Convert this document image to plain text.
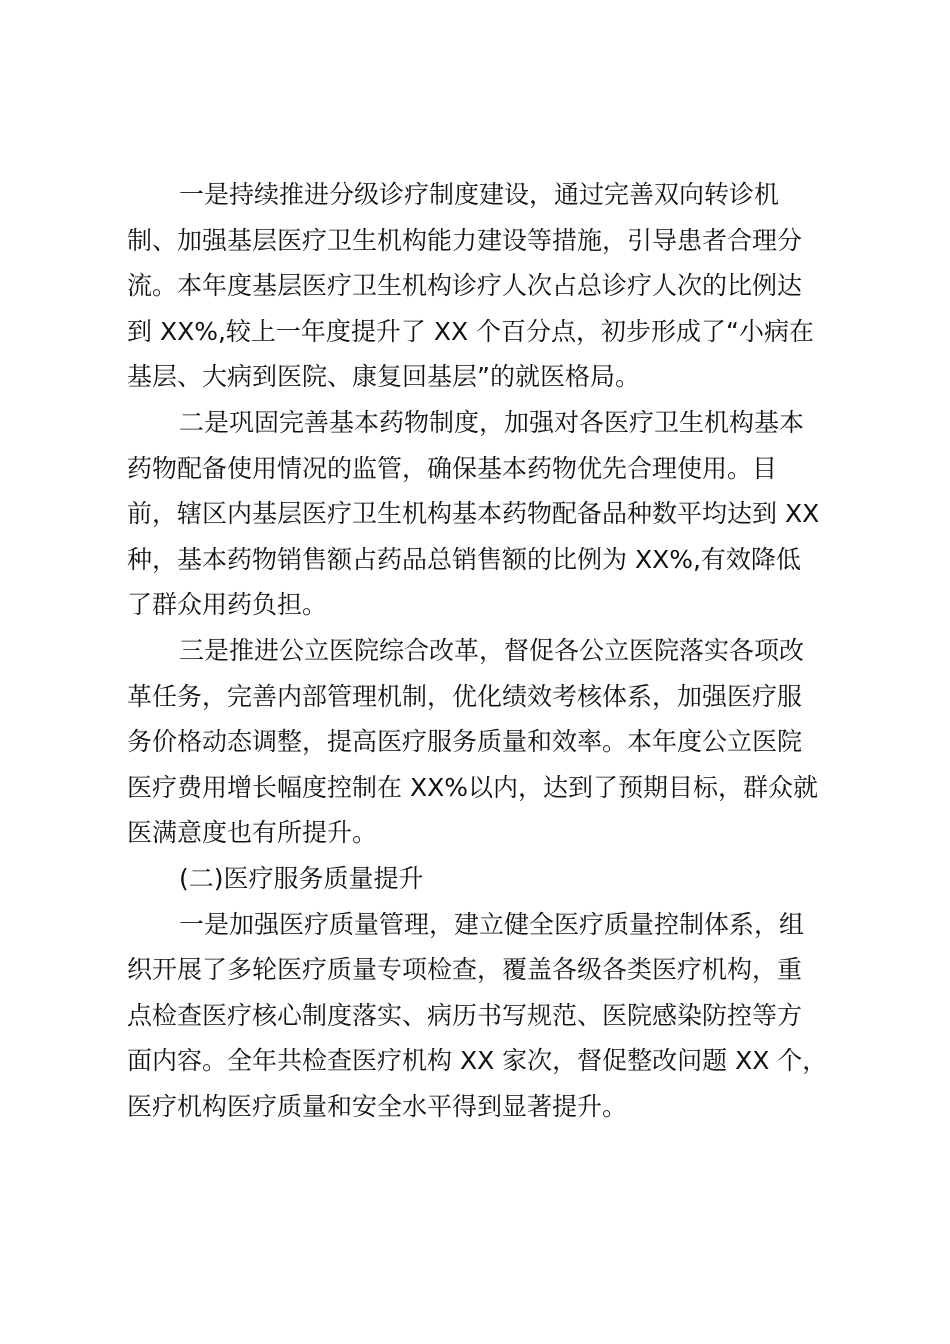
一是持续推进分级诊疗制度建设，通过完善双向转诊机
制、加强基层医疗卫生机构能力建设等措施，引导患者合理分
流。本年度基层医疗卫生机构诊疗人次占总诊疗人次的比例达
到 XX%,较上一年度提升了 XX 个百分点，初步形成了“小病在
基层、大病到医院、康复回基层”的就医格局。
二是巩固完善基本药物制度，加强对各医疗卫生机构基本
药物配备使用情况的监管，确保基本药物优先合理使用。目
前，辖区内基层医疗卫生机构基本药物配备品种数平均达到 XX
种，基本药物销售额占药品总销售额的比例为 XX%,有效降低
了群众用药负担。
三是推进公立医院综合改革，督促各公立医院落实各项改
革任务，完善内部管理机制，优化绩效考核体系，加强医疗服
务价格动态调整，提高医疗服务质量和效率。本年度公立医院
医疗费用增长幅度控制在 XX%以内，达到了预期目标，群众就
医满意度也有所提升。
(二)医疗服务质量提升
一是加强医疗质量管理，建立健全医疗质量控制体系，组
织开展了多轮医疗质量专项检查，覆盖各级各类医疗机构，重
点检查医疗核心制度落实、病历书写规范、医院感染防控等方
面内容。全年共检查医疗机构 XX 家次，督促整改问题 XX 个，
医疗机构医疗质量和安全水平得到显著提升。
